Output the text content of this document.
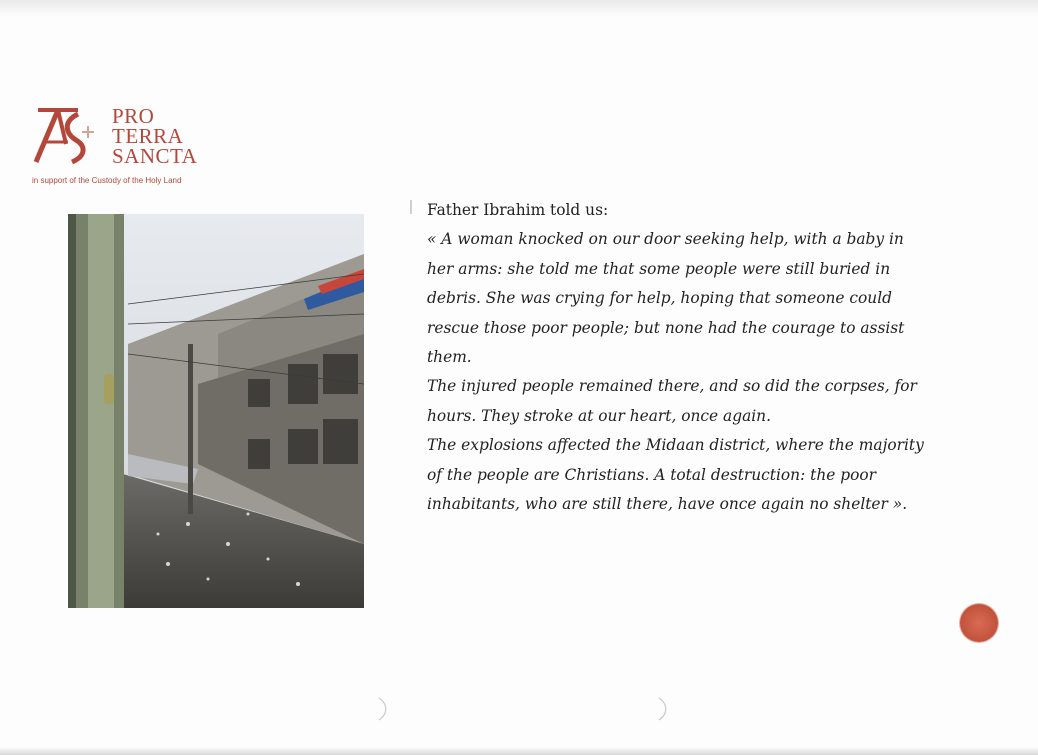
PRO
TERRA
SANCTA
in support of the Custody of the Holy Land
Father Ibrahim told us:
« A woman knocked on our door seeking help, with a baby in
her arms: she told me that some people were still buried in
debris. She was crying for help, hoping that someone could
rescue those poor people; but none had the courage to assist
them.
The injured people remained there, and so did the corpses, for
hours. They stroke at our heart, once again.
The explosions affected the Midaan district, where the majority
of the people are Christians. A total destruction: the poor
inhabitants, who are still there, have once again no shelter ».
